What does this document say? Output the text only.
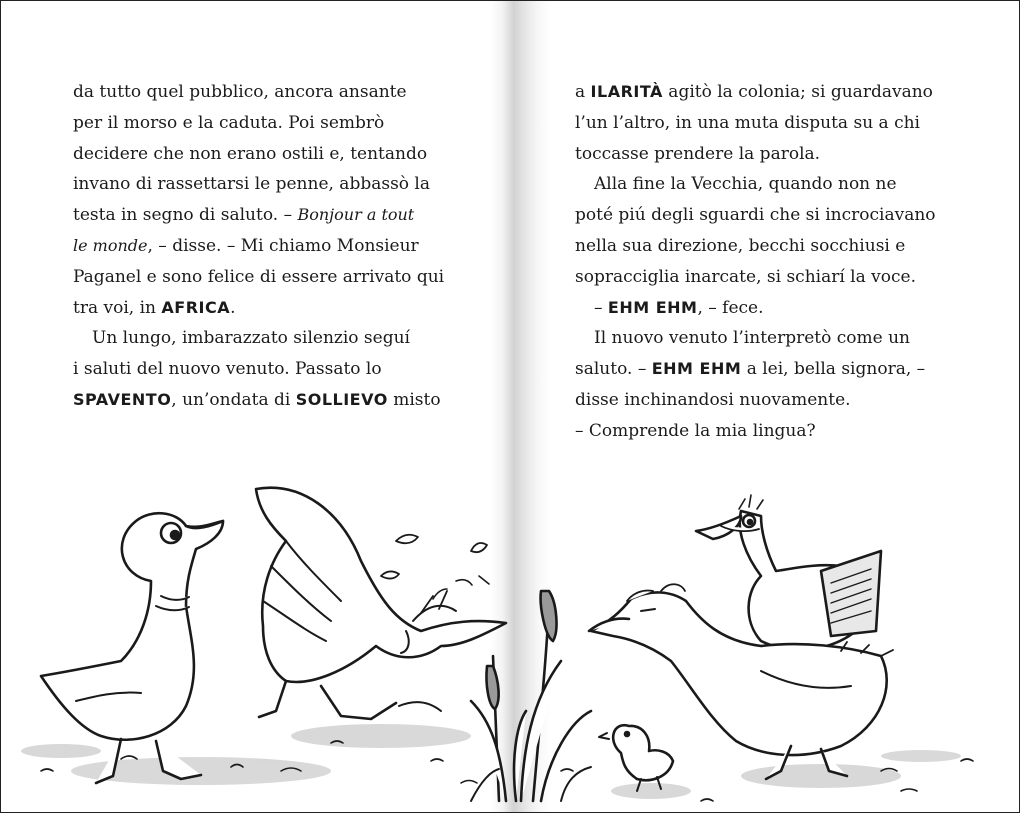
da tutto quel pubblico, ancora ansante
per il morso e la caduta. Poi sembrò
decidere che non erano ostili e, tentando
invano di rassettarsi le penne, abbassò la
testa in segno di saluto. – Bonjour a tout
le monde, – disse. – Mi chiamo Monsieur
Paganel e sono felice di essere arrivato qui
tra voi, in AFRICA.
Un lungo, imbarazzato silenzio seguí
i saluti del nuovo venuto. Passato lo
SPAVENTO, un’ondata di SOLLIEVO misto
a ILARITÀ agitò la colonia; si guardavano
l’un l’altro, in una muta disputa su a chi
toccasse prendere la parola.
Alla fine la Vecchia, quando non ne
poté piú degli sguardi che si incrociavano
nella sua direzione, becchi socchiusi e
sopracciglia inarcate, si schiarí la voce.
– EHM EHM, – fece.
Il nuovo venuto l’interpretò come un
saluto. – EHM EHM a lei, bella signora, –
disse inchinandosi nuovamente.
– Comprende la mia lingua?
